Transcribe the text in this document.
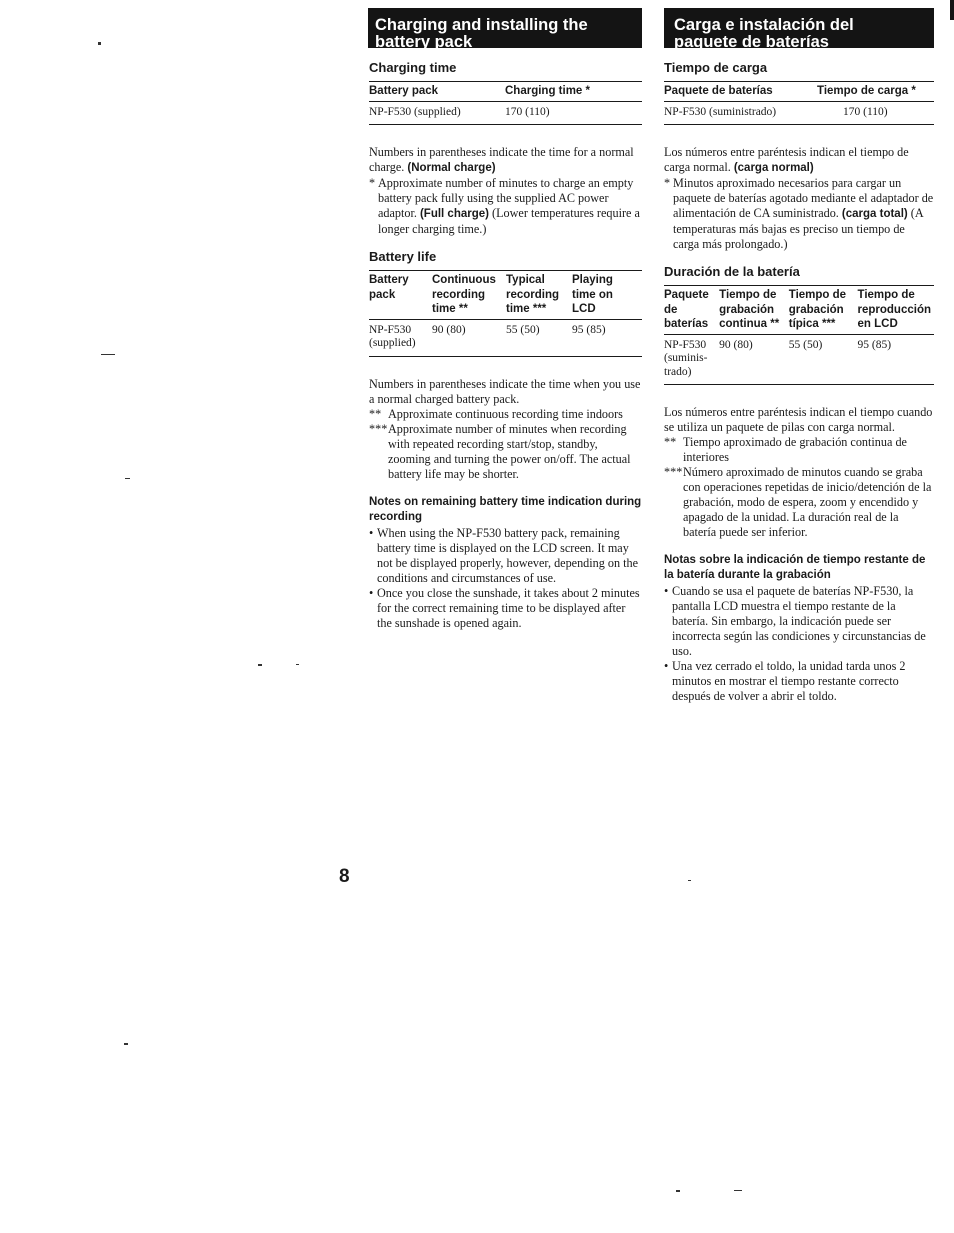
Charging and installing the
battery pack
Carga e instalación del
paquete de baterías
Charging time
Battery pack	Charging time *
NP-F530 (supplied)	170 (110)

Numbers in parentheses indicate the time for a normal charge. (Normal charge)

* Approximate number of minutes to charge an empty battery pack fully using the supplied AC power adaptor. (Full charge) (Lower temperatures require a longer charging time.)
Battery life
Battery pack	Continuous recording time **	Typical recording time ***	Playing time on LCD
NP-F530 (supplied)	90 (80)	55 (50)	95 (85)

Numbers in parentheses indicate the time when you use a normal charged battery pack.

** Approximate continuous recording time indoors
*** Approximate number of minutes when recording with repeated recording start/stop, standby, zooming and turning the power on/off. The actual battery life may be shorter.
Notes on remaining battery time indication during recording
• When using the NP-F530 battery pack, remaining battery time is displayed on the LCD screen. It may not be displayed properly, however, depending on the conditions and circumstances of use.
• Once you close the sunshade, it takes about 2 minutes for the correct remaining time to be displayed after the sunshade is opened again.
Tiempo de carga
Paquete de baterías	Tiempo de carga *
NP-F530 (suministrado)	170 (110)

Los números entre paréntesis indican el tiempo de carga normal. (carga normal)

* Minutos aproximado necesarios para cargar un paquete de baterías agotado mediante el adaptador de alimentación de CA suministrado. (carga total) (A temperaturas más bajas es preciso un tiempo de carga más prolongado.)
Duración de la batería
Paquete de baterías	Tiempo de grabación continua **	Tiempo de grabación típica ***	Tiempo de reproducción en LCD
NP-F530 (suminis-trado)	90 (80)	55 (50)	95 (85)

Los números entre paréntesis indican el tiempo cuando se utiliza un paquete de pilas con carga normal.

** Tiempo aproximado de grabación continua de interiores
*** Número aproximado de minutos cuando se graba con operaciones repetidas de inicio/detención de la grabación, modo de espera, zoom y encendido y apagado de la unidad. La duración real de la batería puede ser inferior.
Notas sobre la indicación de tiempo restante de la batería durante la grabación
• Cuando se usa el paquete de baterías NP-F530, la pantalla LCD muestra el tiempo restante de la batería. Sin embargo, la indicación puede ser incorrecta según las condiciones y circunstancias de uso.
• Una vez cerrado el toldo, la unidad tarda unos 2 minutos en mostrar el tiempo restante correcto después de volver a abrir el toldo.
8
